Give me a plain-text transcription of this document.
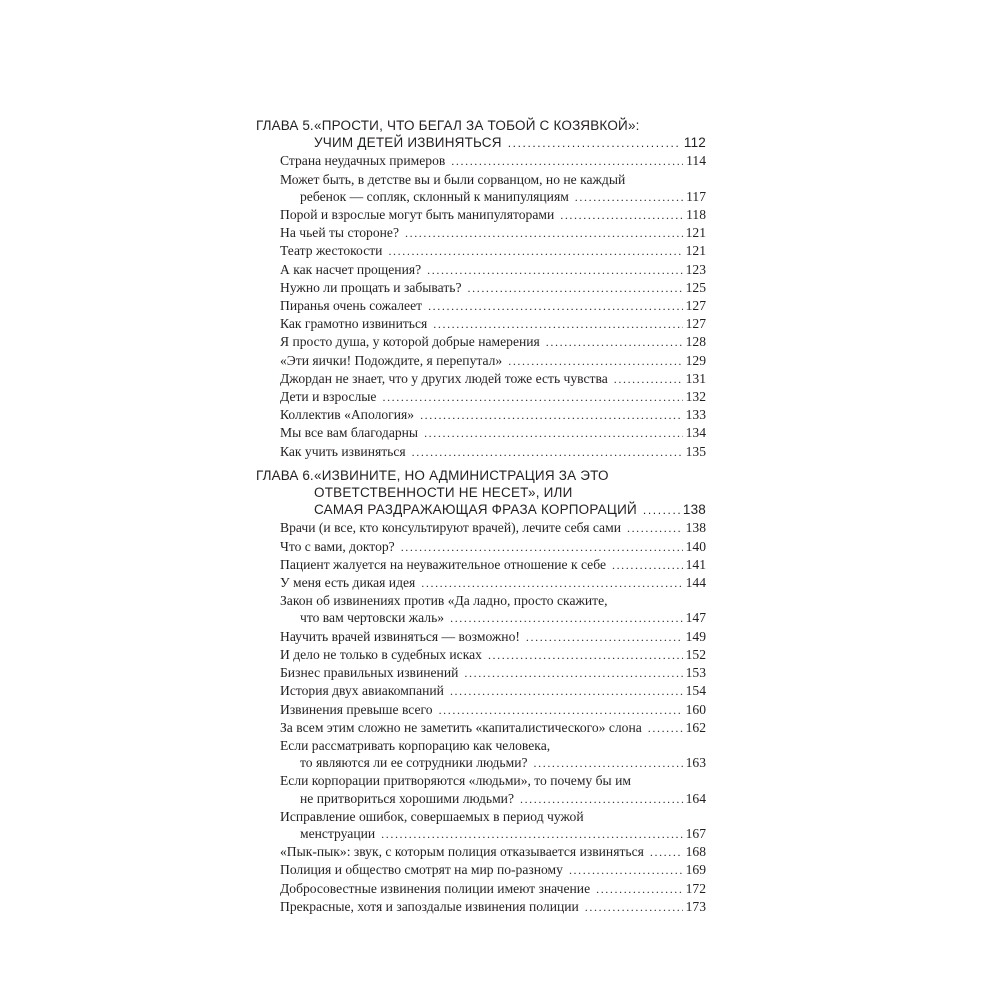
ГЛАВА 5. «ПРОСТИ, ЧТО БЕГАЛ ЗА ТОБОЙ С КОЗЯВКОЙ»:
УЧИМ ДЕТЕЙ ИЗВИНЯТЬСЯ .....	112
Страна неудачных примеров .....	114
Может быть, в детстве вы и были сорванцом, но не каждый
ребенок — сопляк, склонный к манипуляциям .....	117
Порой и взрослые могут быть манипуляторами .....	118
На чьей ты стороне? .....	121
Театр жестокости .....	121
А как насчет прощения? .....	123
Нужно ли прощать и забывать? .....	125
Пиранья очень сожалеет .....	127
Как грамотно извиниться .....	127
Я просто душа, у которой добрые намерения .....	128
«Эти яички! Подождите, я перепутал» .....	129
Джордан не знает, что у других людей тоже есть чувства .....	131
Дети и взрослые .....	132
Коллектив «Апология» .....	133
Мы все вам благодарны .....	134
Как учить извиняться .....	135
ГЛАВА 6. «ИЗВИНИТЕ, НО АДМИНИСТРАЦИЯ ЗА ЭТО
ОТВЕТСТВЕННОСТИ НЕ НЕСЕТ», ИЛИ
САМАЯ РАЗДРАЖАЮЩАЯ ФРАЗА КОРПОРАЦИЙ .....	138
Врачи (и все, кто консультируют врачей), лечите себя сами .....	138
Что с вами, доктор? .....	140
Пациент жалуется на неуважительное отношение к себе .....	141
У меня есть дикая идея .....	144
Закон об извинениях против «Да ладно, просто скажите,
что вам чертовски жаль» .....	147
Научить врачей извиняться — возможно! .....	149
И дело не только в судебных исках .....	152
Бизнес правильных извинений .....	153
История двух авиакомпаний .....	154
Извинения превыше всего .....	160
За всем этим сложно не заметить «капиталистического» слона .....	162
Если рассматривать корпорацию как человека,
то являются ли ее сотрудники людьми? .....	163
Если корпорации притворяются «людьми», то почему бы им
не притвориться хорошими людьми? .....	164
Исправление ошибок, совершаемых в период чужой
менструации .....	167
«Пык-пык»: звук, с которым полиция отказывается извиняться .....	168
Полиция и общество смотрят на мир по-разному .....	169
Добросовестные извинения полиции имеют значение .....	172
Прекрасные, хотя и запоздалые извинения полиции .....	173
